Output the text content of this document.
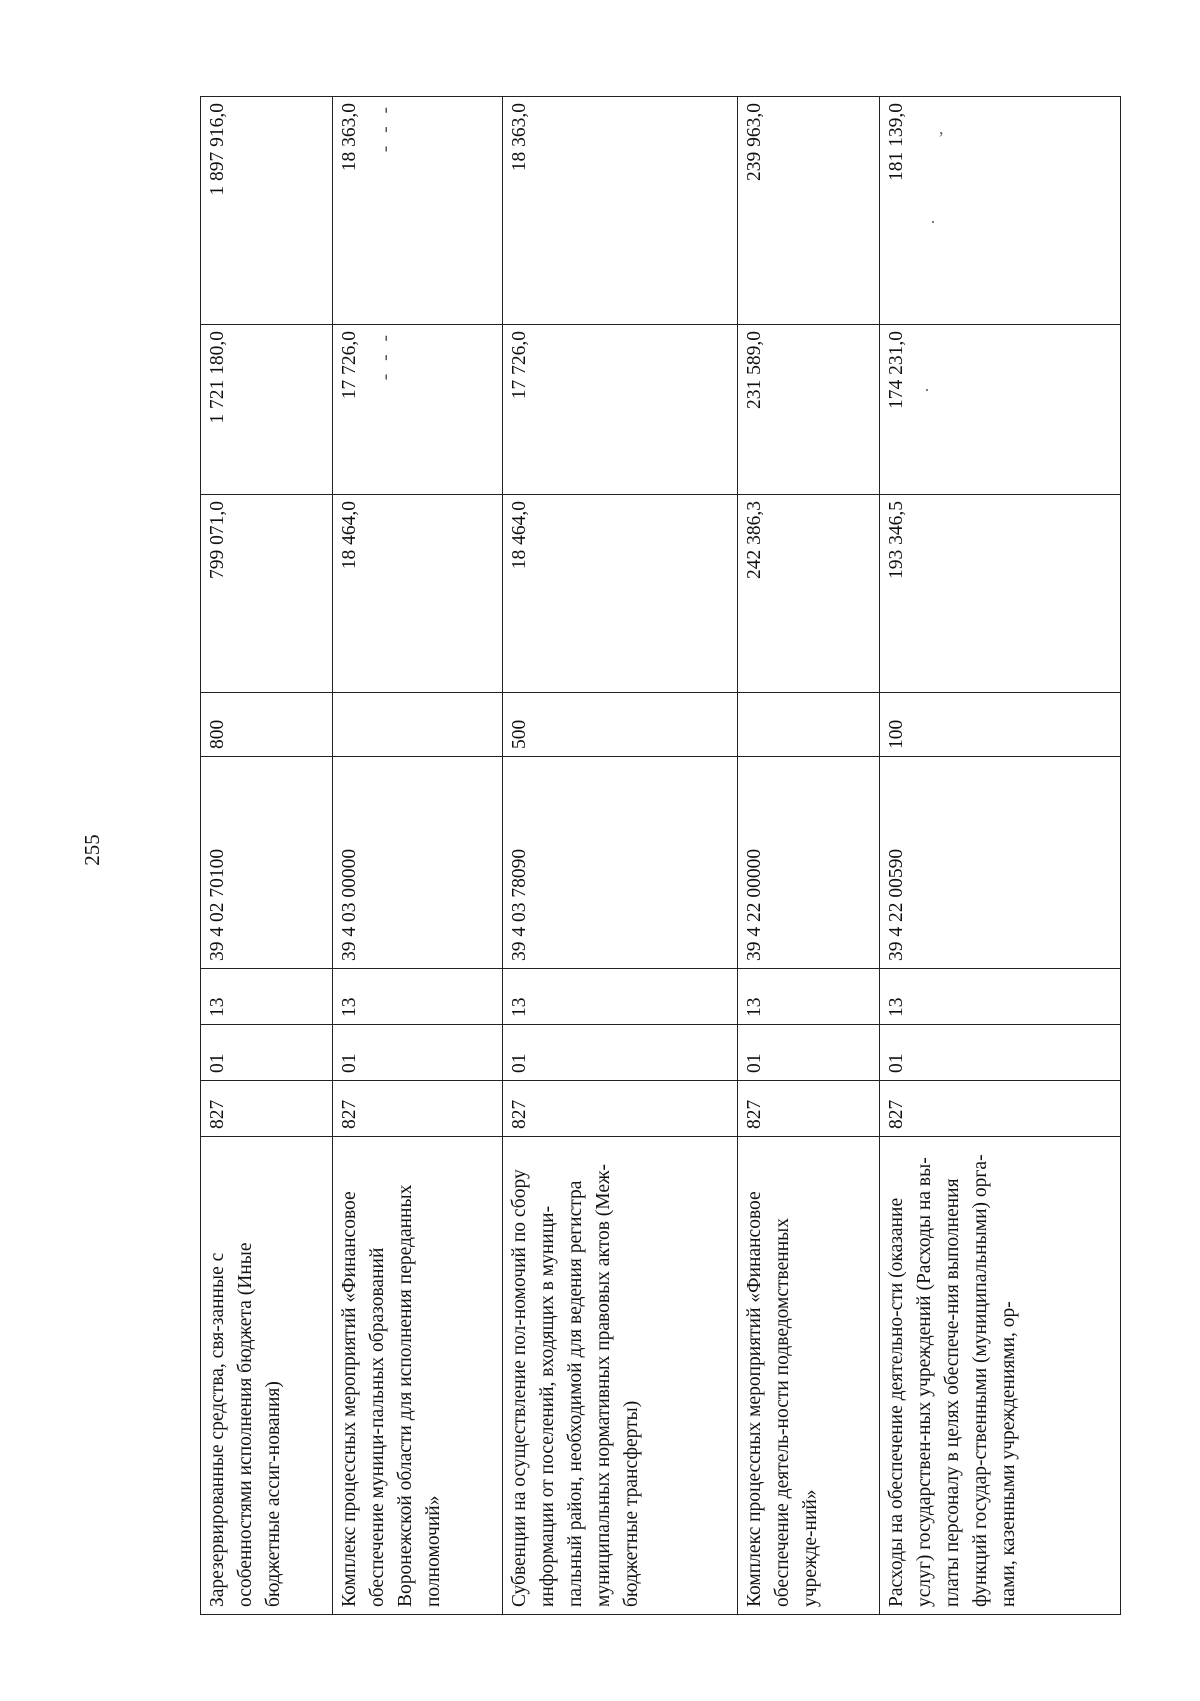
255
Зарезервированные средства, свя-занные с особенностями исполнения бюджета (Иные бюджетные ассиг-нования)	827	01	13	39 4 02 70100	800	799 071,0	1 721 180,0	1 897 916,0
Комплекс процессных мероприятий «Финансовое обеспечение муници-пальных образований Воронежской области для исполнения переданных полномочий»	827	01	13	39 4 03 00000		18 464,0	17 726,0 - - -	18 363,0 - - -
Субвенции на осуществление пол-номочий по сбору информации от поселений, входящих в муници-пальный район, необходимой для ведения регистра муниципальных нормативных правовых актов (Меж-бюджетные трансферты)	827	01	13	39 4 03 78090	500	18 464,0	17 726,0	18 363,0
Комплекс процессных мероприятий «Финансовое обеспечение деятель-ности подведомственных учрежде-ний»	827	01	13	39 4 22 00000		242 386,3	231 589,0	239 963,0
Расходы на обеспечение деятельно-сти (оказание услуг) государствен-ных учреждений (Расходы на вы-платы персоналу в целях обеспече-ния выполнения функций государ-ственными (муниципальными) орга-нами, казенными учреждениями, ор-	827	01	13	39 4 22 00590	100	193 346,5	174 231,0	181 139,0
·
·
ʼ
